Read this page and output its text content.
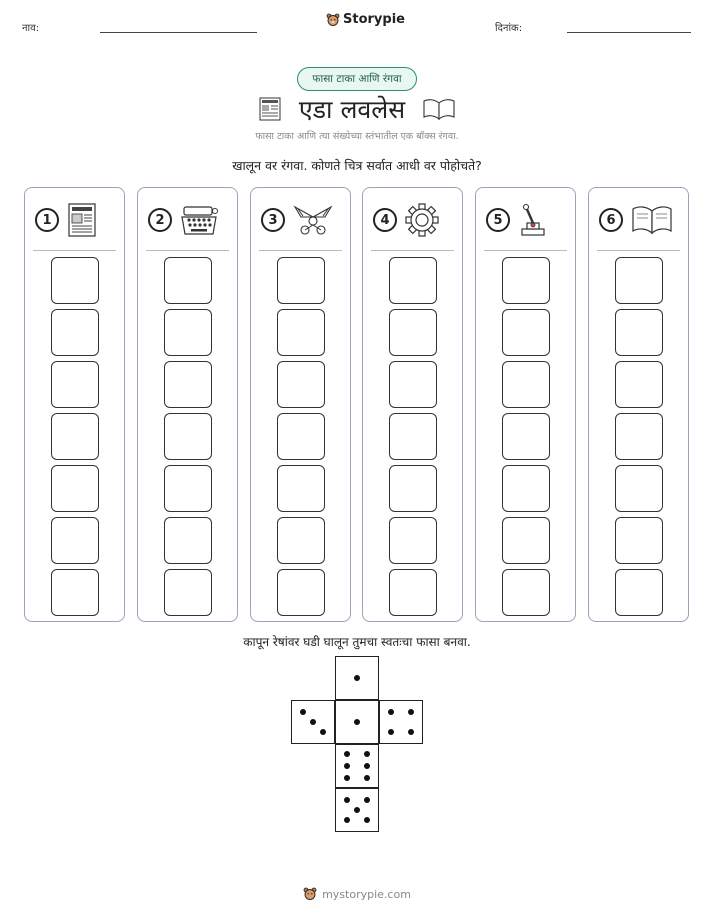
नाव:
Storypie
दिनांक:
फासा टाका आणि रंगवा
एडा लवलेस
फासा टाका आणि त्या संख्येच्या स्तंभातील एक बॉक्स रंगवा.
खालून वर रंगवा. कोणते चित्र सर्वात आधी वर पोहोचते?
1	2	3	4	5	6
कापून रेषांवर घडी घालून तुमचा स्वतःचा फासा बनवा.
mystorypie.com
